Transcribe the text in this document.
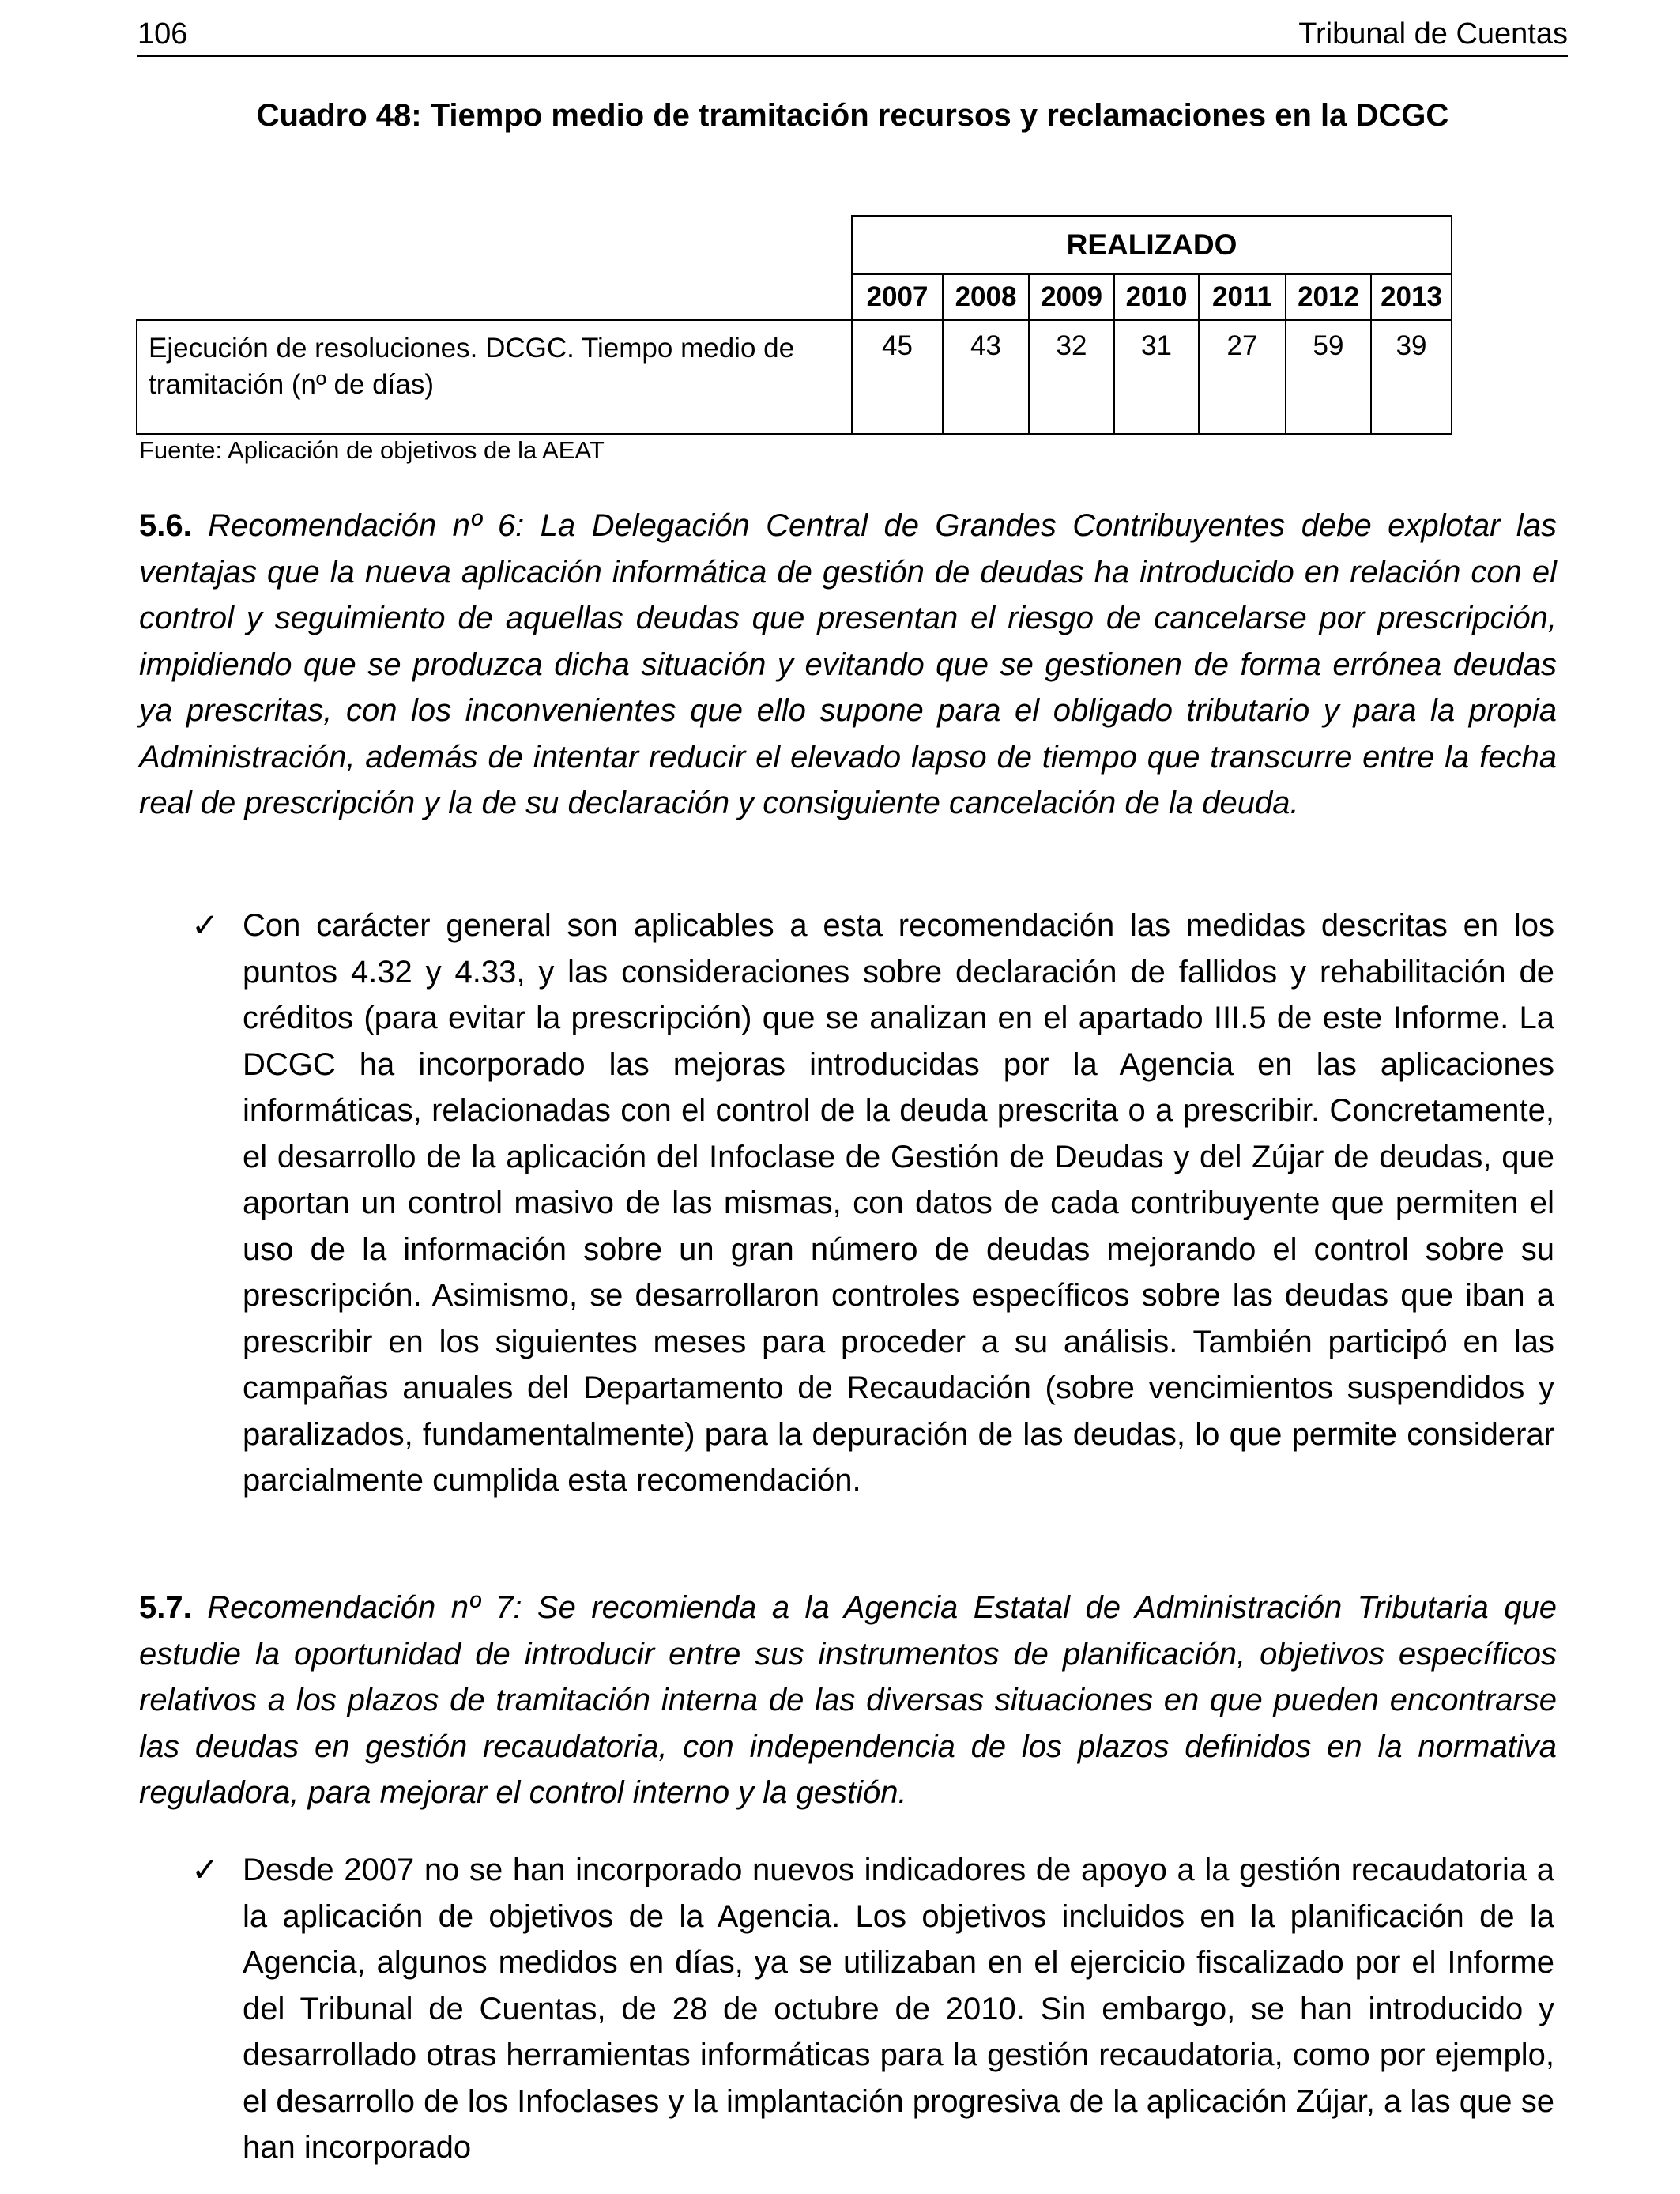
106	Tribunal de Cuentas
Cuadro 48: Tiempo medio de tramitación recursos y reclamaciones en la DCGC
	REALIZADO						
	2007	2008	2009	2010	2011	2012	2013
Ejecución de resoluciones. DCGC. Tiempo medio de tramitación (nº de días)	45	43	32	31	27	59	39
Fuente: Aplicación de objetivos de la AEAT
5.6. Recomendación nº 6: La Delegación Central de Grandes Contribuyentes debe explotar las ventajas que la nueva aplicación informática de gestión de deudas ha introducido en relación con el control y seguimiento de aquellas deudas que presentan el riesgo de cancelarse por prescripción, impidiendo que se produzca dicha situación y evitando que se gestionen de forma errónea deudas ya prescritas, con los inconvenientes que ello supone para el obligado tributario y para la propia Administración, además de intentar reducir el elevado lapso de tiempo que transcurre entre la fecha real de prescripción y la de su declaración y consiguiente cancelación de la deuda.
✓ Con carácter general son aplicables a esta recomendación las medidas descritas en los puntos 4.32 y 4.33, y las consideraciones sobre declaración de fallidos y rehabilitación de créditos (para evitar la prescripción) que se analizan en el apartado III.5 de este Informe. La DCGC ha incorporado las mejoras introducidas por la Agencia en las aplicaciones informáticas, relacionadas con el control de la deuda prescrita o a prescribir. Concretamente, el desarrollo de la aplicación del Infoclase de Gestión de Deudas y del Zújar de deudas, que aportan un control masivo de las mismas, con datos de cada contribuyente que permiten el uso de la información sobre un gran número de deudas mejorando el control sobre su prescripción. Asimismo, se desarrollaron controles específicos sobre las deudas que iban a prescribir en los siguientes meses para proceder a su análisis. También participó en las campañas anuales del Departamento de Recaudación (sobre vencimientos suspendidos y paralizados, fundamentalmente) para la depuración de las deudas, lo que permite considerar parcialmente cumplida esta recomendación.
5.7. Recomendación nº 7: Se recomienda a la Agencia Estatal de Administración Tributaria que estudie la oportunidad de introducir entre sus instrumentos de planificación, objetivos específicos relativos a los plazos de tramitación interna de las diversas situaciones en que pueden encontrarse las deudas en gestión recaudatoria, con independencia de los plazos definidos en la normativa reguladora, para mejorar el control interno y la gestión.
✓ Desde 2007 no se han incorporado nuevos indicadores de apoyo a la gestión recaudatoria a la aplicación de objetivos de la Agencia. Los objetivos incluidos en la planificación de la Agencia, algunos medidos en días, ya se utilizaban en el ejercicio fiscalizado por el Informe del Tribunal de Cuentas, de 28 de octubre de 2010. Sin embargo, se han introducido y desarrollado otras herramientas informáticas para la gestión recaudatoria, como por ejemplo, el desarrollo de los Infoclases y la implantación progresiva de la aplicación Zújar, a las que se han incorporado
